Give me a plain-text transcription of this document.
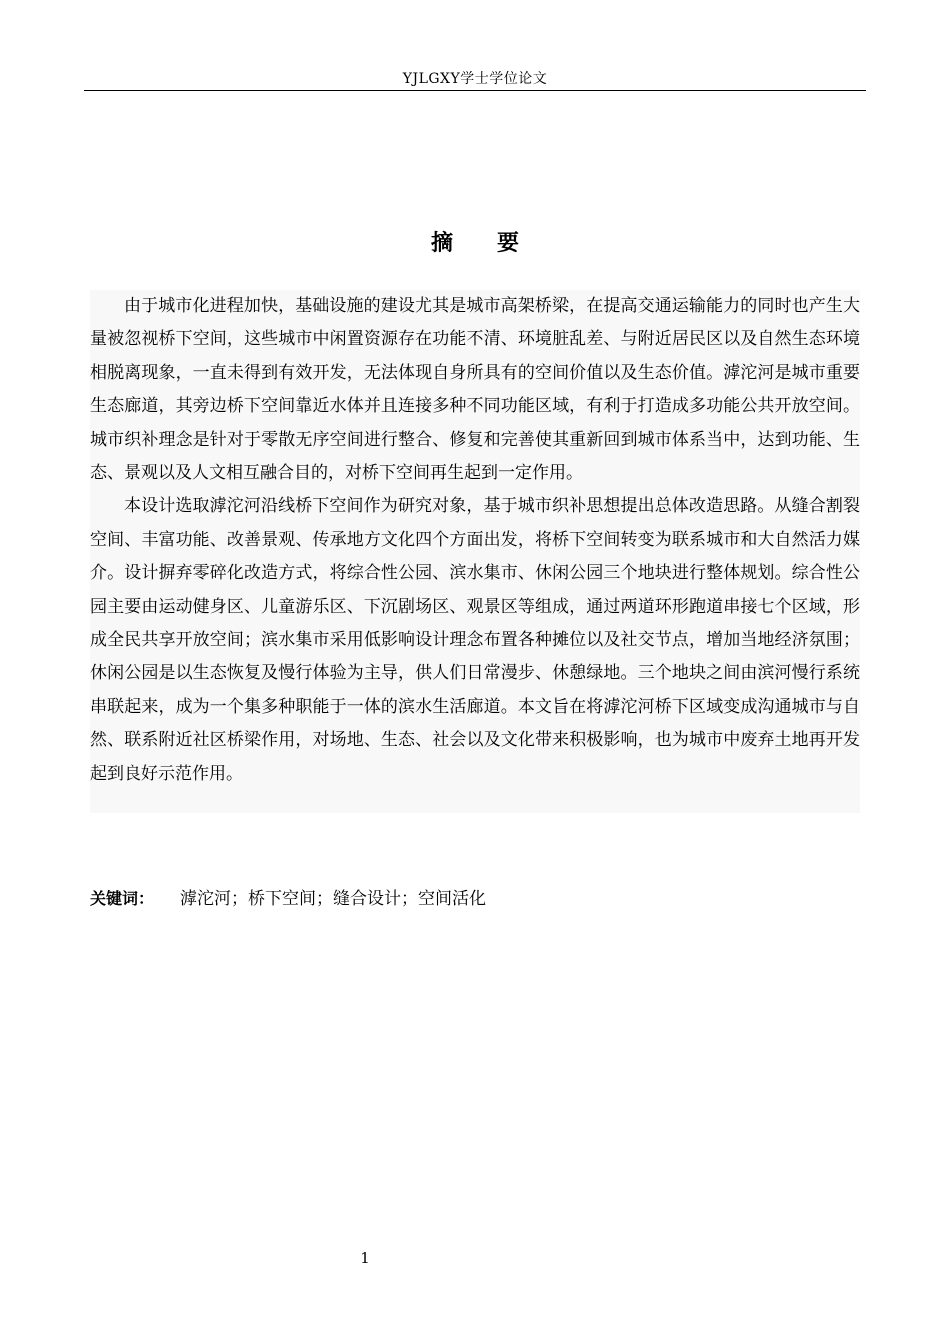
YJLGXY学士学位论文
摘要

由于城市化进程加快，基础设施的建设尤其是城市高架桥梁，在提高交通运输能力的同时也产生大量被忽视桥下空间，这些城市中闲置资源存在功能不清、环境脏乱差、与附近居民区以及自然生态环境相脱离现象，一直未得到有效开发，无法体现自身所具有的空间价值以及生态价值。滹沱河是城市重要生态廊道，其旁边桥下空间靠近水体并且连接多种不同功能区域，有利于打造成多功能公共开放空间。城市织补理念是针对于零散无序空间进行整合、修复和完善使其重新回到城市体系当中，达到功能、生态、景观以及人文相互融合目的，对桥下空间再生起到一定作用。

本设计选取滹沱河沿线桥下空间作为研究对象，基于城市织补思想提出总体改造思路。从缝合割裂空间、丰富功能、改善景观、传承地方文化四个方面出发，将桥下空间转变为联系城市和大自然活力媒介。设计摒弃零碎化改造方式，将综合性公园、滨水集市、休闲公园三个地块进行整体规划。综合性公园主要由运动健身区、儿童游乐区、下沉剧场区、观景区等组成，通过两道环形跑道串接七个区域，形成全民共享开放空间；滨水集市采用低影响设计理念布置各种摊位以及社交节点，增加当地经济氛围；休闲公园是以生态恢复及慢行体验为主导，供人们日常漫步、休憩绿地。三个地块之间由滨河慢行系统串联起来，成为一个集多种职能于一体的滨水生活廊道。本文旨在将滹沱河桥下区域变成沟通城市与自然、联系附近社区桥梁作用，对场地、生态、社会以及文化带来积极影响，也为城市中废弃土地再开发起到良好示范作用。

关键词： 滹沱河；桥下空间；缝合设计；空间活化
1
